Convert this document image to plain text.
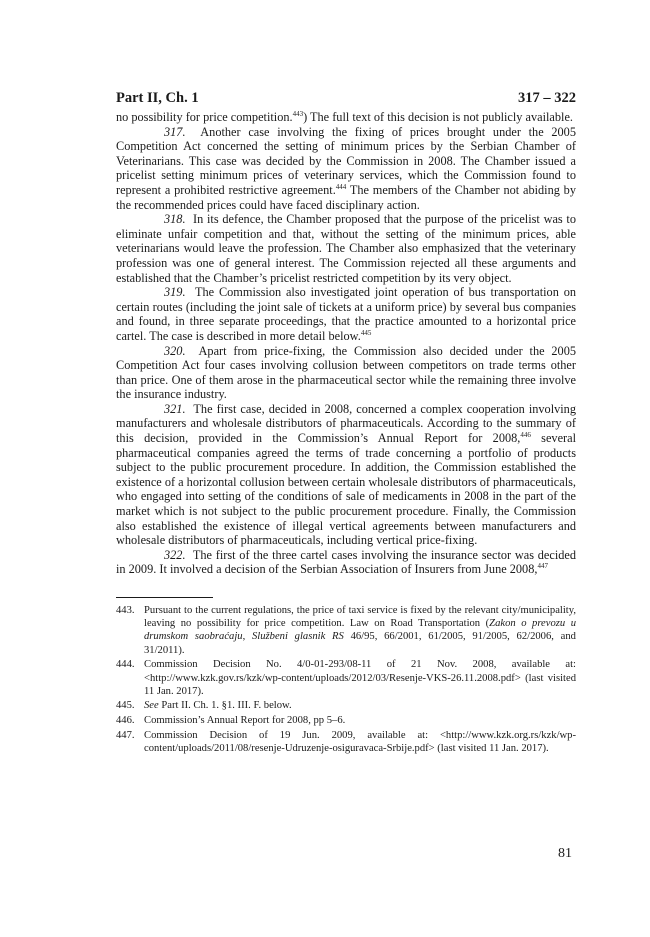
Part II, Ch. 1	317 – 322

no possibility for price competition.$^{443}$) The full text of this decision is not publicly available.

317. Another case involving the fixing of prices brought under the 2005 Competition Act concerned the setting of minimum prices by the Serbian Chamber of Veterinarians. This case was decided by the Commission in 2008. The Chamber issued a pricelist setting minimum prices of veterinary services, which the Commission found to represent a prohibited restrictive agreement.$^{444}$ The members of the Chamber not abiding by the recommended prices could have faced disciplinary action.

318. In its defence, the Chamber proposed that the purpose of the pricelist was to eliminate unfair competition and that, without the setting of the minimum prices, able veterinarians would leave the profession. The Chamber also emphasized that the veterinary profession was one of general interest. The Commission rejected all these arguments and established that the Chamber’s pricelist restricted competition by its very object.

319. The Commission also investigated joint operation of bus transportation on certain routes (including the joint sale of tickets at a uniform price) by several bus companies and found, in three separate proceedings, that the practice amounted to a horizontal price cartel. The case is described in more detail below.$^{445}$

320. Apart from price-fixing, the Commission also decided under the 2005 Competition Act four cases involving collusion between competitors on trade terms other than price. One of them arose in the pharmaceutical sector while the remaining three involve the insurance industry.

321. The first case, decided in 2008, concerned a complex cooperation involving manufacturers and wholesale distributors of pharmaceuticals. According to the summary of this decision, provided in the Commission’s Annual Report for 2008,$^{446}$ several pharmaceutical companies agreed the terms of trade concerning a portfolio of products subject to the public procurement procedure. In addition, the Commission established the existence of a horizontal collusion between certain wholesale distributors of pharmaceuticals, who engaged into setting of the conditions of sale of medicaments in 2008 in the part of the market which is not subject to the public procurement procedure. Finally, the Commission also established the existence of illegal vertical agreements between manufacturers and wholesale distributors of pharmaceuticals, including vertical price-fixing.

322. The first of the three cartel cases involving the insurance sector was decided in 2009. It involved a decision of the Serbian Association of Insurers from June 2008,$^{447}$

443. Pursuant to the current regulations, the price of taxi service is fixed by the relevant city/municipality, leaving no possibility for price competition. Law on Road Transportation (Zakon o prevozu u drumskom saobraćaju, Službeni glasnik RS 46/95, 66/2001, 61/2005, 91/2005, 62/2006, and 31/2011).
444. Commission Decision No. 4/0-01-293/08-11 of 21 Nov. 2008, available at: <http://www.kzk.gov.rs/kzk/wp-content/uploads/2012/03/Resenje-VKS-26.11.2008.pdf> (last visited 11 Jan. 2017).
445. See Part II. Ch. 1. §1. III. F. below.
446. Commission’s Annual Report for 2008, pp 5–6.
447. Commission Decision of 19 Jun. 2009, available at: <http://www.kzk.org.rs/kzk/wp-content/uploads/2011/08/resenje-Udruzenje-osiguravaca-Srbije.pdf> (last visited 11 Jan. 2017).
81
